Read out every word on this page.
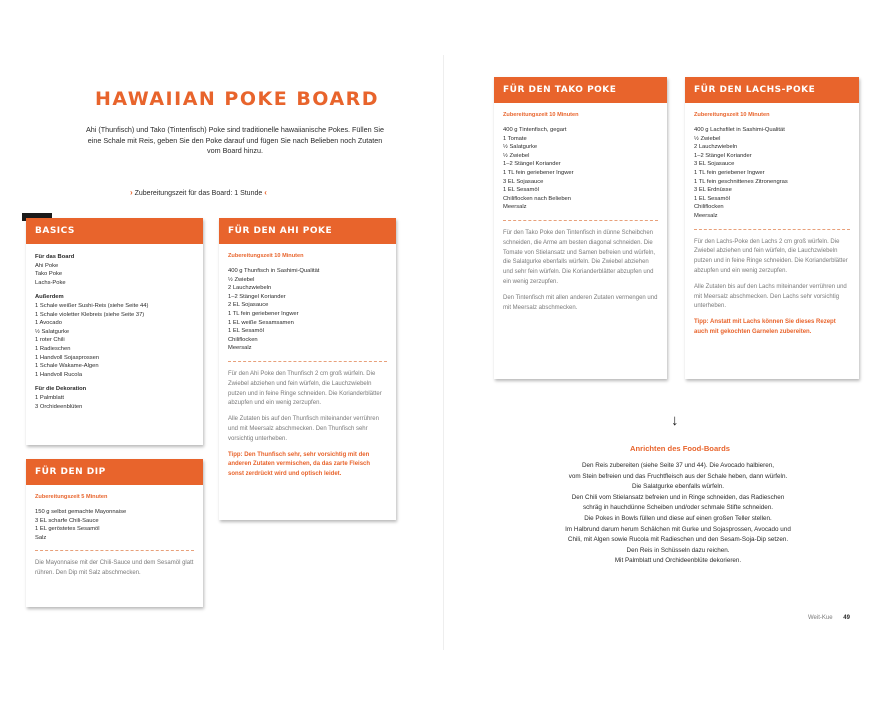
HAWAIIAN POKE BOARD

Ahi (Thunfisch) und Tako (Tintenfisch) Poke sind traditionelle hawaiianische Pokes. Füllen Sie eine Schale mit Reis, geben Sie den Poke darauf und fügen Sie nach Belieben noch Zutaten vom Board hinzu.

› Zubereitungszeit für das Board: 1 Stunde ‹
BASICS
Für das Board
Ahi Poke
Tako Poke
Lachs-Poke
Außerdem
1 Schale weißer Sushi-Reis (siehe Seite 44)
1 Schale violetter Klebreis (siehe Seite 37)
1 Avocado
½ Salatgurke
1 roter Chili
1 Radieschen
1 Handvoll Sojasprossen
1 Schale Wakame-Algen
1 Handvoll Rucola
Für die Dekoration
1 Palmblatt
3 Orchideenblüten
FÜR DEN DIP
Zubereitungszeit 5 Minuten
150 g selbst gemachte Mayonnaise
3 EL scharfe Chili-Sauce
1 EL geröstetes Sesamöl
Salz

Die Mayonnaise mit der Chili-Sauce und dem Sesamöl glatt rühren. Den Dip mit Salz abschmecken.

FÜR DEN AHI POKE
Zubereitungszeit 10 Minuten
400 g Thunfisch in Sashimi-Qualität
½ Zwiebel
2 Lauchzwiebeln
1–2 Stängel Koriander
2 EL Sojasauce
1 TL fein geriebener Ingwer
1 EL weiße Sesamsamen
1 EL Sesamöl
Chiliflocken
Meersalz

Für den Ahi Poke den Thunfisch 2 cm groß würfeln. Die Zwiebel abziehen und fein würfeln, die Lauchzwiebeln putzen und in feine Ringe schneiden. Die Korianderblätter abzupfen und ein wenig zerzupfen.

Alle Zutaten bis auf den Thunfisch miteinander verrühren und mit Meersalz abschmecken. Den Thunfisch sehr vorsichtig unterheben.

Tipp: Den Thunfisch sehr, sehr vorsichtig mit den anderen Zutaten vermischen, da das zarte Fleisch sonst zerdrückt wird und optisch leidet.
FÜR DEN TAKO POKE
Zubereitungszeit 10 Minuten
400 g Tintenfisch, gegart
1 Tomate
½ Salatgurke
½ Zwiebel
1–2 Stängel Koriander
1 TL fein geriebener Ingwer
3 EL Sojasauce
1 EL Sesamöl
Chiliflocken nach Belieben
Meersalz

Für den Tako Poke den Tintenfisch in dünne Scheibchen schneiden, die Arme am besten diagonal schneiden. Die Tomate von Stielansatz und Samen befreien und würfeln, die Salatgurke ebenfalls würfeln. Die Zwiebel abziehen und sehr fein würfeln. Die Korianderblätter abzupfen und ein wenig zerzupfen.

Den Tintenfisch mit allen anderen Zutaten vermengen und mit Meersalz abschmecken.

FÜR DEN LACHS-POKE
Zubereitungszeit 10 Minuten
400 g Lachsfilet in Sashimi-Qualität
½ Zwiebel
2 Lauchzwiebeln
1–2 Stängel Koriander
3 EL Sojasauce
1 TL fein geriebener Ingwer
1 TL fein geschnittenes Zitronengras
3 EL Erdnüsse
1 EL Sesamöl
Chiliflocken
Meersalz

Für den Lachs-Poke den Lachs 2 cm groß würfeln. Die Zwiebel abziehen und fein würfeln, die Lauchzwiebeln putzen und in feine Ringe schneiden. Die Korianderblätter abzupfen und ein wenig zerzupfen.

Alle Zutaten bis auf den Lachs miteinander verrühren und mit Meersalz abschmecken. Den Lachs sehr vorsichtig unterheben.

Tipp: Anstatt mit Lachs können Sie dieses Rezept auch mit gekochten Garnelen zubereiten.
↓
Anrichten des Food-Boards
Den Reis zubereiten (siehe Seite 37 und 44). Die Avocado halbieren,
vom Stein befreien und das Fruchtfleisch aus der Schale heben, dann würfeln.
Die Salatgurke ebenfalls würfeln.
Den Chili vom Stielansatz befreien und in Ringe schneiden, das Radieschen
schräg in hauchdünne Scheiben und/oder schmale Stifte schneiden.
Die Pokes in Bowls füllen und diese auf einen großen Teller stellen.
Im Halbrund darum herum Schälchen mit Gurke und Sojasprossen, Avocado und
Chili, mit Algen sowie Rucola mit Radieschen und den Sesam-Soja-Dip setzen.
Den Reis in Schüsseln dazu reichen.
Mit Palmblatt und Orchideenblüte dekorieren.
Weit-Kue 49
